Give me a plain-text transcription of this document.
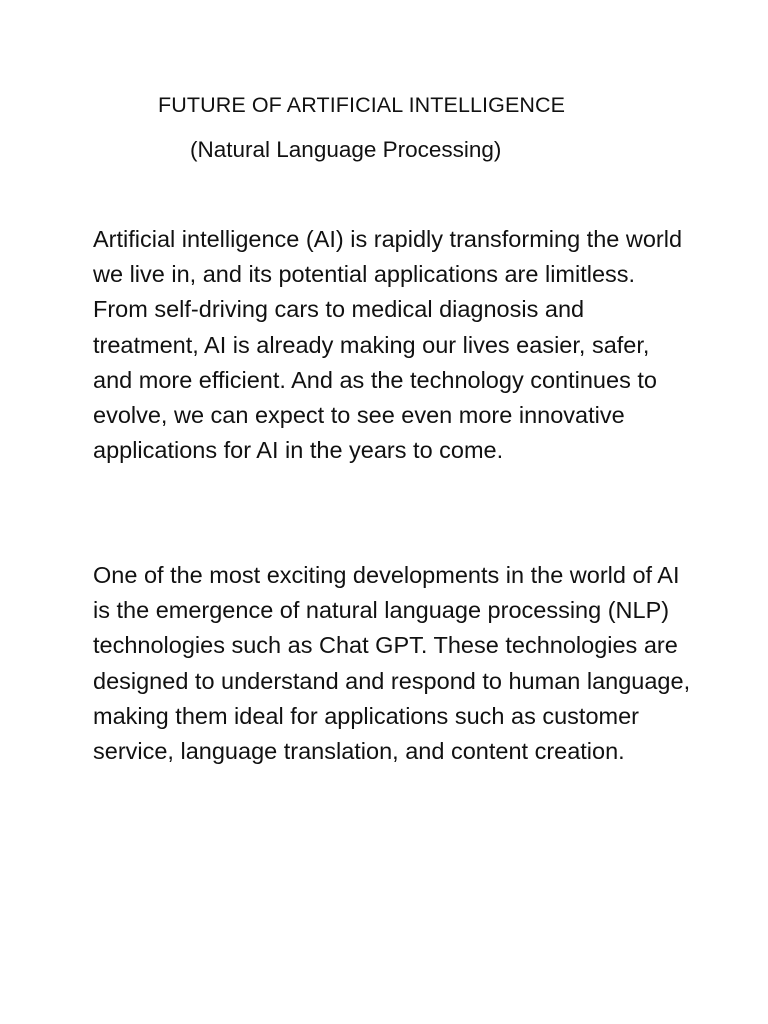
FUTURE OF ARTIFICIAL INTELLIGENCE
(Natural Language Processing)

Artificial intelligence (AI) is rapidly transforming the world we live in, and its potential applications are limitless. From self-driving cars to medical diagnosis and treatment, AI is already making our lives easier, safer, and more efficient. And as the technology continues to evolve, we can expect to see even more innovative applications for AI in the years to come.

One of the most exciting developments in the world of AI is the emergence of natural language processing (NLP) technologies such as Chat GPT. These technologies are designed to understand and respond to human language, making them ideal for applications such as customer service, language translation, and content creation.
